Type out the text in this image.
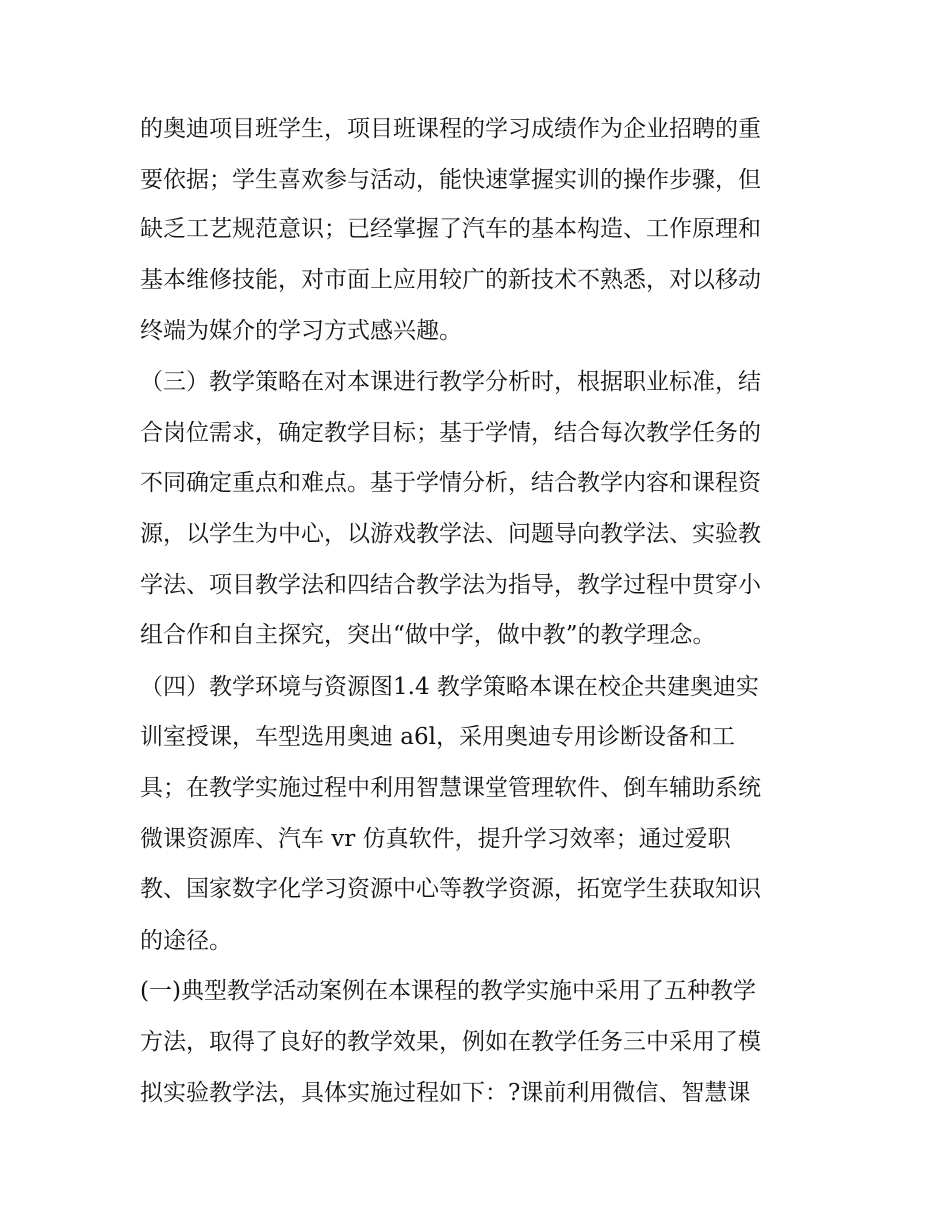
的奥迪项目班学生，项目班课程的学习成绩作为企业招聘的重

要依据；学生喜欢参与活动，能快速掌握实训的操作步骤，但

缺乏工艺规范意识；已经掌握了汽车的基本构造、工作原理和

基本维修技能，对市面上应用较广的新技术不熟悉，对以移动

终端为媒介的学习方式感兴趣。

（三）教学策略在对本课进行教学分析时，根据职业标准，结

合岗位需求，确定教学目标；基于学情，结合每次教学任务的

不同确定重点和难点。基于学情分析，结合教学内容和课程资

源，以学生为中心，以游戏教学法、问题导向教学法、实验教

学法、项目教学法和四结合教学法为指导，教学过程中贯穿小

组合作和自主探究，突出“做中学，做中教”的教学理念。

（四）教学环境与资源图1.4 教学策略本课在校企共建奥迪实

训室授课，车型选用奥迪 a6l，采用奥迪专用诊断设备和工

具；在教学实施过程中利用智慧课堂管理软件、倒车辅助系统

微课资源库、汽车 vr 仿真软件，提升学习效率；通过爱职

教、国家数字化学习资源中心等教学资源，拓宽学生获取知识

的途径。

(一)典型教学活动案例在本课程的教学实施中采用了五种教学

方法，取得了良好的教学效果，例如在教学任务三中采用了模

拟实验教学法，具体实施过程如下：?课前利用微信、智慧课
